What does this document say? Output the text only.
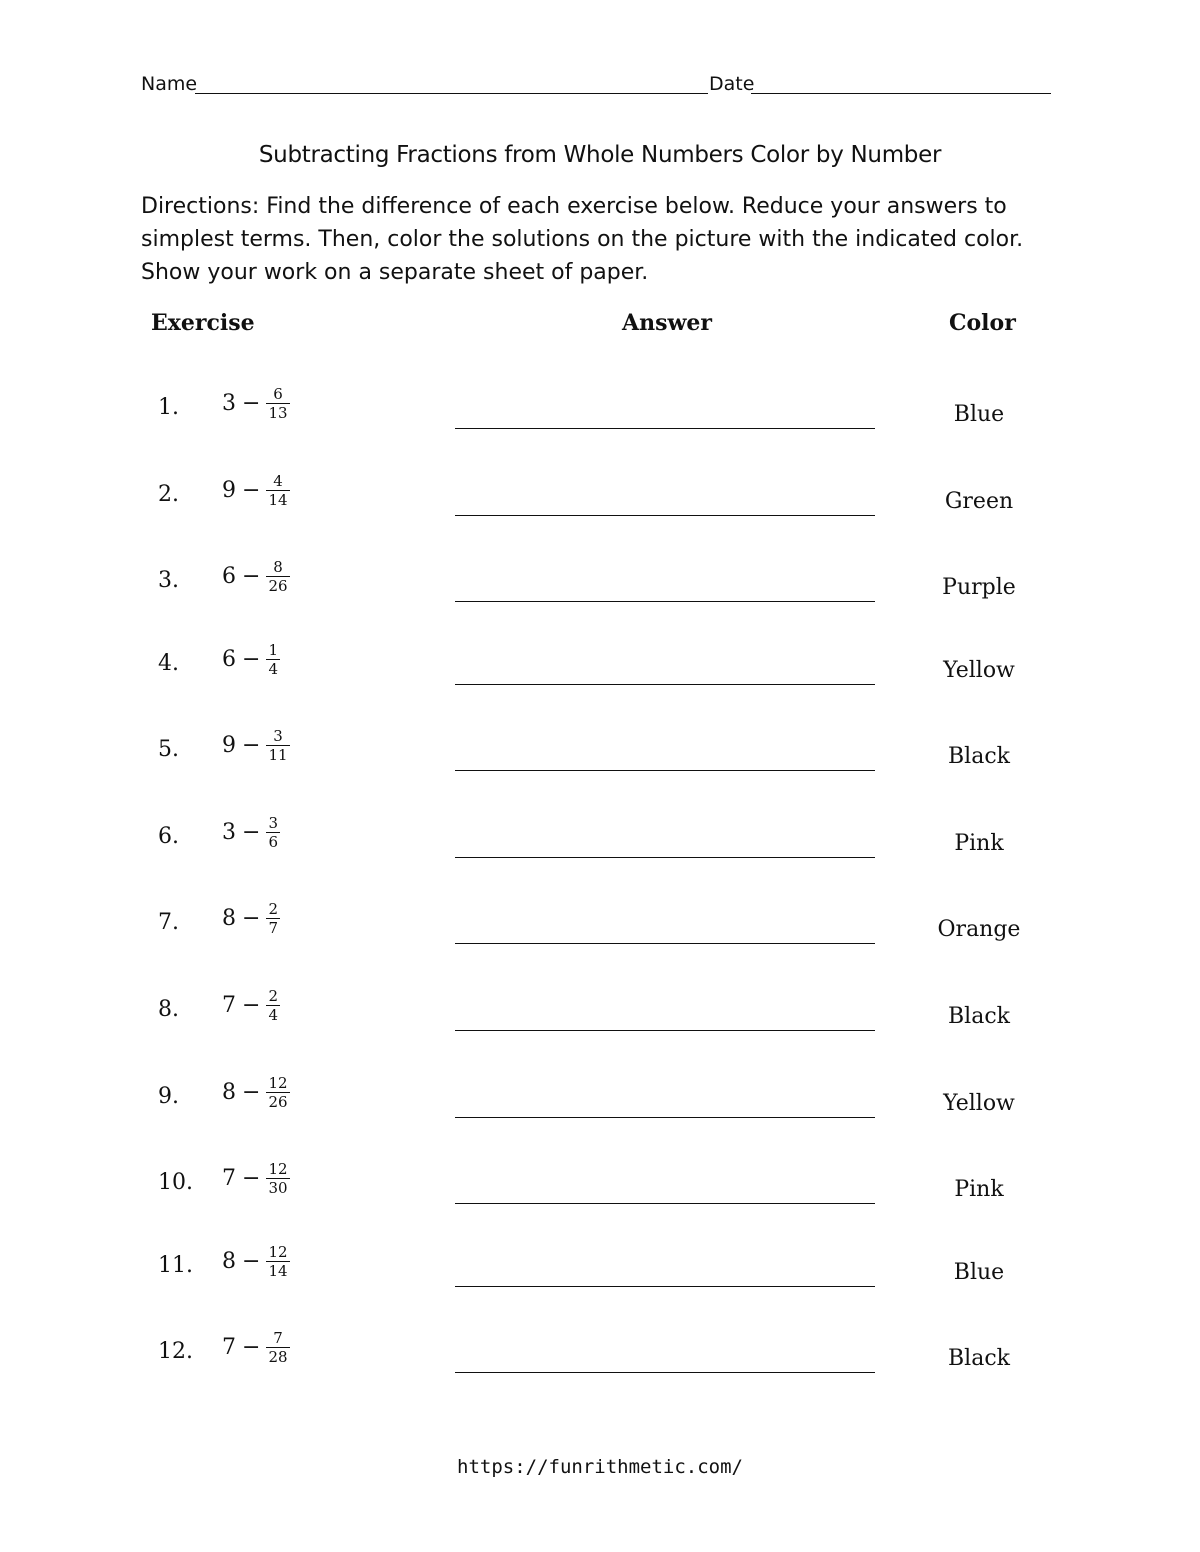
Name	Date
Subtracting Fractions from Whole Numbers Color by Number
Directions: Find the difference of each exercise below. Reduce your answers to simplest terms. Then, color the solutions on the picture with the indicated color. Show your work on a separate sheet of paper.
Exercise	Answer	Color
1. $3 - \frac{6}{13}$	Blue
2. $9 - \frac{4}{14}$	Green
3. $6 - \frac{8}{26}$	Purple
4. $6 - \frac{1}{4}$	Yellow
5. $9 - \frac{3}{11}$	Black
6. $3 - \frac{3}{6}$	Pink
7. $8 - \frac{2}{7}$	Orange
8. $7 - \frac{2}{4}$	Black
9. $8 - \frac{12}{26}$	Yellow
10. $7 - \frac{12}{30}$	Pink
11. $8 - \frac{12}{14}$	Blue
12. $7 - \frac{7}{28}$	Black
https://funrithmetic.com/
